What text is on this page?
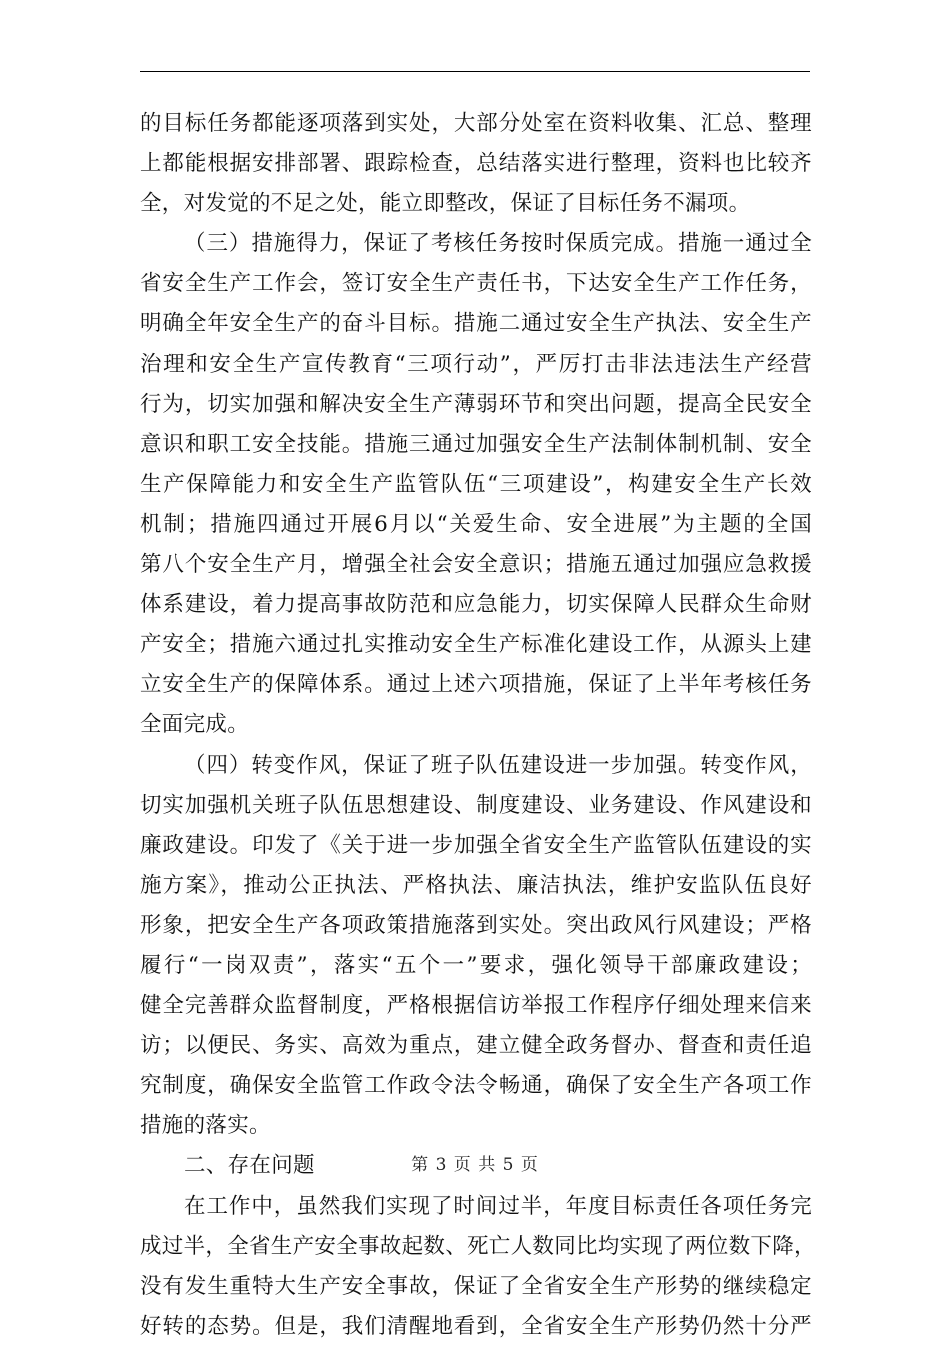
的目标任务都能逐项落到实处，大部分处室在资料收集、汇总、整理
上都能根据安排部署、跟踪检查，总结落实进行整理，资料也比较齐
全，对发觉的不足之处，能立即整改，保证了目标任务不漏项。
（三）措施得力，保证了考核任务按时保质完成。措施一通过全
省安全生产工作会，签订安全生产责任书，下达安全生产工作任务，
明确全年安全生产的奋斗目标。措施二通过安全生产执法、安全生产
治理和安全生产宣传教育“三项行动”，严厉打击非法违法生产经营
行为，切实加强和解决安全生产薄弱环节和突出问题，提高全民安全
意识和职工安全技能。措施三通过加强安全生产法制体制机制、安全
生产保障能力和安全生产监管队伍“三项建设”，构建安全生产长效
机制；措施四通过开展6月以“关爱生命、安全进展”为主题的全国
第八个安全生产月，增强全社会安全意识；措施五通过加强应急救援
体系建设，着力提高事故防范和应急能力，切实保障人民群众生命财
产安全；措施六通过扎实推动安全生产标准化建设工作，从源头上建
立安全生产的保障体系。通过上述六项措施，保证了上半年考核任务
全面完成。
（四）转变作风，保证了班子队伍建设进一步加强。转变作风，
切实加强机关班子队伍思想建设、制度建设、业务建设、作风建设和
廉政建设。印发了《关于进一步加强全省安全生产监管队伍建设的实
施方案》，推动公正执法、严格执法、廉洁执法，维护安监队伍良好
形象，把安全生产各项政策措施落到实处。突出政风行风建设；严格
履行“一岗双责”，落实“五个一”要求，强化领导干部廉政建设；
健全完善群众监督制度，严格根据信访举报工作程序仔细处理来信来
访；以便民、务实、高效为重点，建立健全政务督办、督查和责任追
究制度，确保安全监管工作政令法令畅通，确保了安全生产各项工作
措施的落实。
二、存在问题
在工作中，虽然我们实现了时间过半，年度目标责任各项任务完
成过半，全省生产安全事故起数、死亡人数同比均实现了两位数下降，
没有发生重特大生产安全事故，保证了全省安全生产形势的继续稳定
好转的态势。但是，我们清醒地看到，全省安全生产形势仍然十分严
第 3 页 共 5 页
